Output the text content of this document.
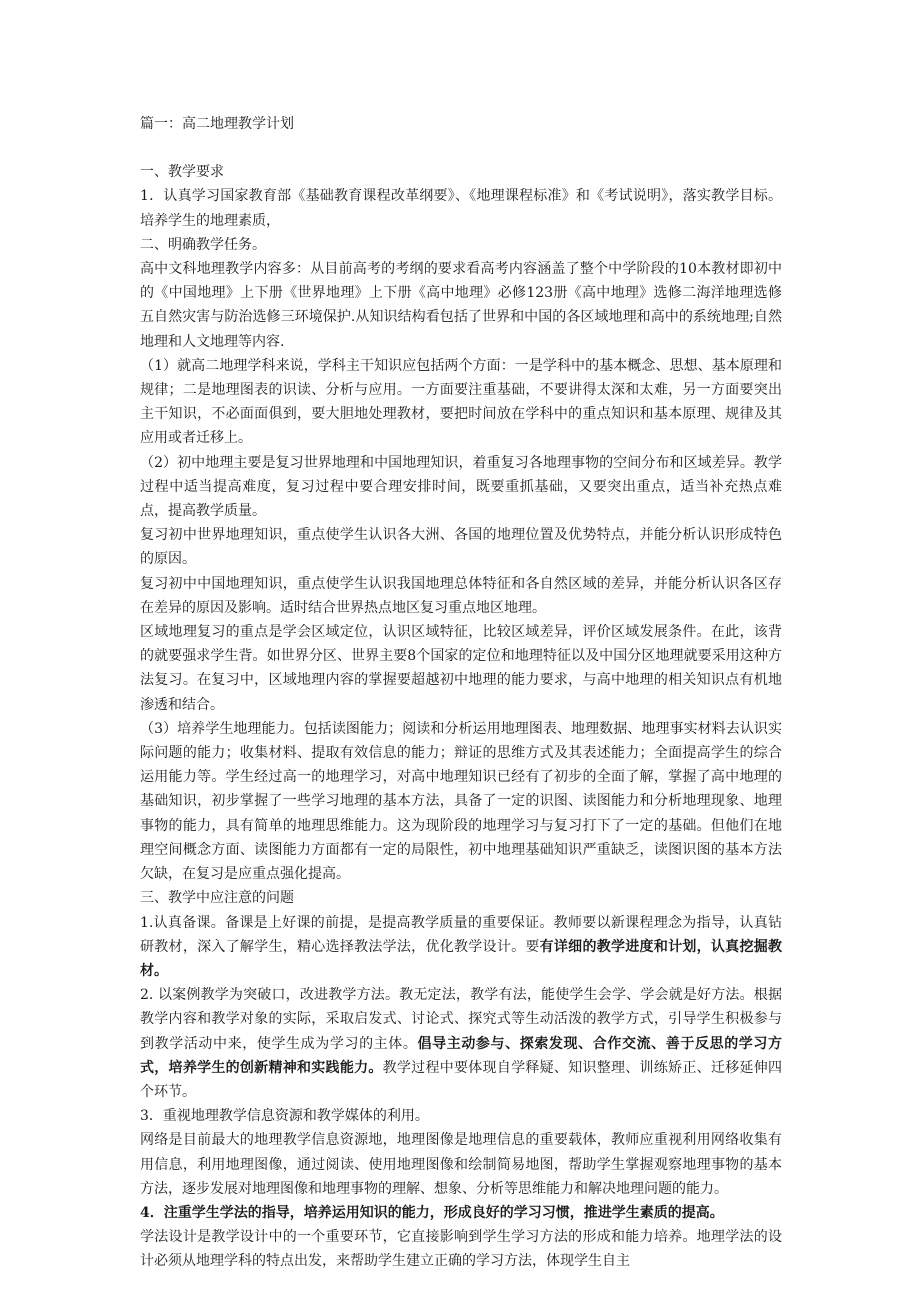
篇一：高二地理教学计划

一、教学要求

1．认真学习国家教育部《基础教育课程改革纲要》、《地理课程标准》和《考试说明》，落实教学目标。培养学生的地理素质，

二、明确教学任务。

高中文科地理教学内容多：从目前高考的考纲的要求看高考内容涵盖了整个中学阶段的10本教材即初中的《中国地理》上下册《世界地理》上下册《高中地理》必修123册《高中地理》选修二海洋地理选修五自然灾害与防治选修三环境保护.从知识结构看包括了世界和中国的各区域地理和高中的系统地理;自然地理和人文地理等内容.

（1）就高二地理学科来说，学科主干知识应包括两个方面：一是学科中的基本概念、思想、基本原理和规律；二是地理图表的识读、分析与应用。一方面要注重基础，不要讲得太深和太难，另一方面要突出主干知识，不必面面俱到，要大胆地处理教材，要把时间放在学科中的重点知识和基本原理、规律及其应用或者迁移上。

（2）初中地理主要是复习世界地理和中国地理知识，着重复习各地理事物的空间分布和区域差异。教学过程中适当提高难度，复习过程中要合理安排时间，既要重抓基础，又要突出重点，适当补充热点难点，提高教学质量。

复习初中世界地理知识，重点使学生认识各大洲、各国的地理位置及优势特点，并能分析认识形成特色的原因。

复习初中中国地理知识，重点使学生认识我国地理总体特征和各自然区域的差异，并能分析认识各区存在差异的原因及影响。适时结合世界热点地区复习重点地区地理。

区域地理复习的重点是学会区域定位，认识区域特征，比较区域差异，评价区域发展条件。在此，该背的就要强求学生背。如世界分区、世界主要8个国家的定位和地理特征以及中国分区地理就要采用这种方法复习。在复习中，区域地理内容的掌握要超越初中地理的能力要求，与高中地理的相关知识点有机地渗透和结合。

（3）培养学生地理能力。包括读图能力；阅读和分析运用地理图表、地理数据、地理事实材料去认识实际问题的能力；收集材料、提取有效信息的能力；辩证的思维方式及其表述能力；全面提高学生的综合运用能力等。学生经过高一的地理学习，对高中地理知识已经有了初步的全面了解，掌握了高中地理的基础知识，初步掌握了一些学习地理的基本方法，具备了一定的识图、读图能力和分析地理现象、地理事物的能力，具有简单的地理思维能力。这为现阶段的地理学习与复习打下了一定的基础。但他们在地理空间概念方面、读图能力方面都有一定的局限性，初中地理基础知识严重缺乏，读图识图的基本方法欠缺，在复习是应重点强化提高。

三、教学中应注意的问题

1.认真备课。备课是上好课的前提，是提高教学质量的重要保证。教师要以新课程理念为指导，认真钻研教材，深入了解学生，精心选择教法学法，优化教学设计。要有详细的教学进度和计划，认真挖掘教材。

2. 以案例教学为突破口，改进教学方法。教无定法，教学有法，能使学生会学、学会就是好方法。根据教学内容和教学对象的实际，采取启发式、讨论式、探究式等生动活泼的教学方式，引导学生积极参与到教学活动中来，使学生成为学习的主体。倡导主动参与、探索发现、合作交流、善于反思的学习方式，培养学生的创新精神和实践能力。教学过程中要体现自学释疑、知识整理、训练矫正、迁移延伸四个环节。

3．重视地理教学信息资源和教学媒体的利用。

网络是目前最大的地理教学信息资源地，地理图像是地理信息的重要载体，教师应重视利用网络收集有用信息，利用地理图像，通过阅读、使用地理图像和绘制简易地图，帮助学生掌握观察地理事物的基本方法，逐步发展对地理图像和地理事物的理解、想象、分析等思维能力和解决地理问题的能力。

4．注重学生学法的指导，培养运用知识的能力，形成良好的学习习惯，推进学生素质的提高。

学法设计是教学设计中的一个重要环节，它直接影响到学生学习方法的形成和能力培养。地理学法的设计必须从地理学科的特点出发，来帮助学生建立正确的学习方法，体现学生自主
